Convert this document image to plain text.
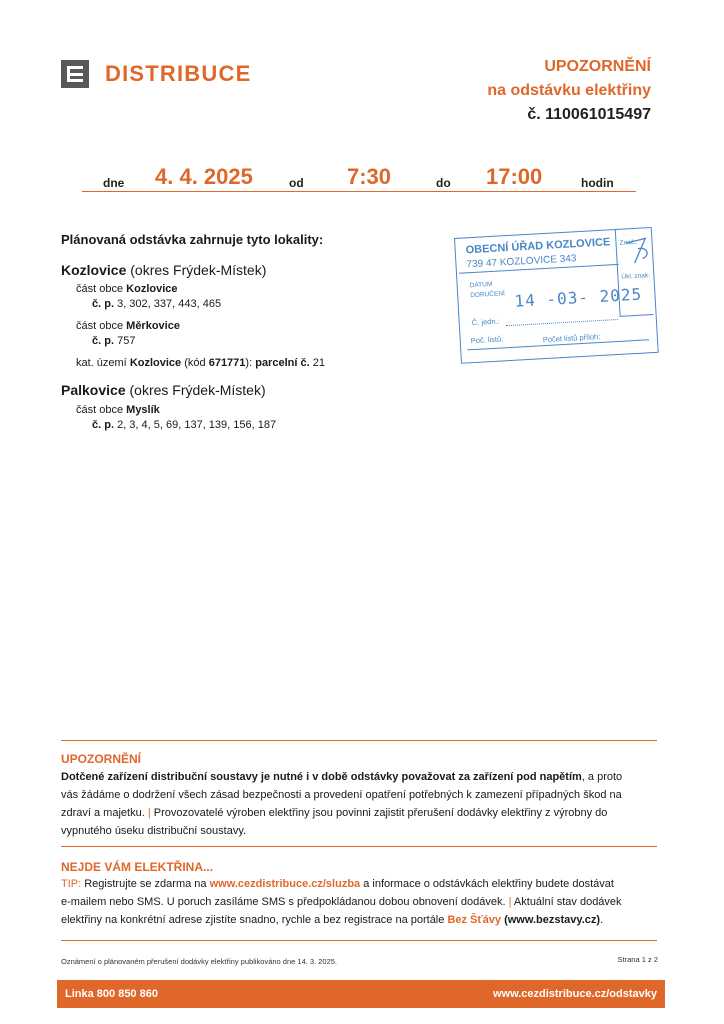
DISTRIBUCE	UPOZORNĚNÍ
na odstávku elektřiny
č. 110061015497
dne 4. 4. 2025	od 7:30	do 17:00	hodin
Plánovaná odstávka zahrnuje tyto lokality:
Kozlovice (okres Frýdek-Místek)
část obce Kozlovice
č. p. 3, 302, 337, 443, 465
část obce Měrkovice
č. p. 757
kat. území Kozlovice (kód 671771): parcelní č. 21
Palkovice (okres Frýdek-Místek)
část obce Myslík
č. p. 2, 3, 4, 5, 69, 137, 139, 156, 187
OBECNÍ ÚŘAD KOZLOVICE
739 47 KOZLOVICE 343
Znač.:
Úkl. znak:
DATUM
DORUČENÍ 14 -03- 2025
Č. jedn.:
Poč. listů:	Počet listů příloh:
UPOZORNĚNÍ
Dotčené zařízení distribuční soustavy je nutné i v době odstávky považovat za zařízení pod napětím, a proto
vás žádáme o dodržení všech zásad bezpečnosti a provedení opatření potřebných k zamezení případných škod na
zdraví a majetku. | Provozovatelé výroben elektřiny jsou povinni zajistit přerušení dodávky elektřiny z výrobny do
vypnutého úseku distribuční soustavy.
NEJDE VÁM ELEKTŘINA...
TIP: Registrujte se zdarma na www.cezdistribuce.cz/sluzba a informace o odstávkách elektřiny budete dostávat
e-mailem nebo SMS. U poruch zasíláme SMS s předpokládanou dobou obnovení dodávek. | Aktuální stav dodávek
elektřiny na konkrétní adrese zjistíte snadno, rychle a bez registrace na portále Bez Šťávy (www.bezstavy.cz).
Oznámení o plánovaném přerušení dodávky elektřiny publikováno dne 14. 3. 2025.	Strana 1 z 2
Linka 800 850 860	www.cezdistribuce.cz/odstavky
